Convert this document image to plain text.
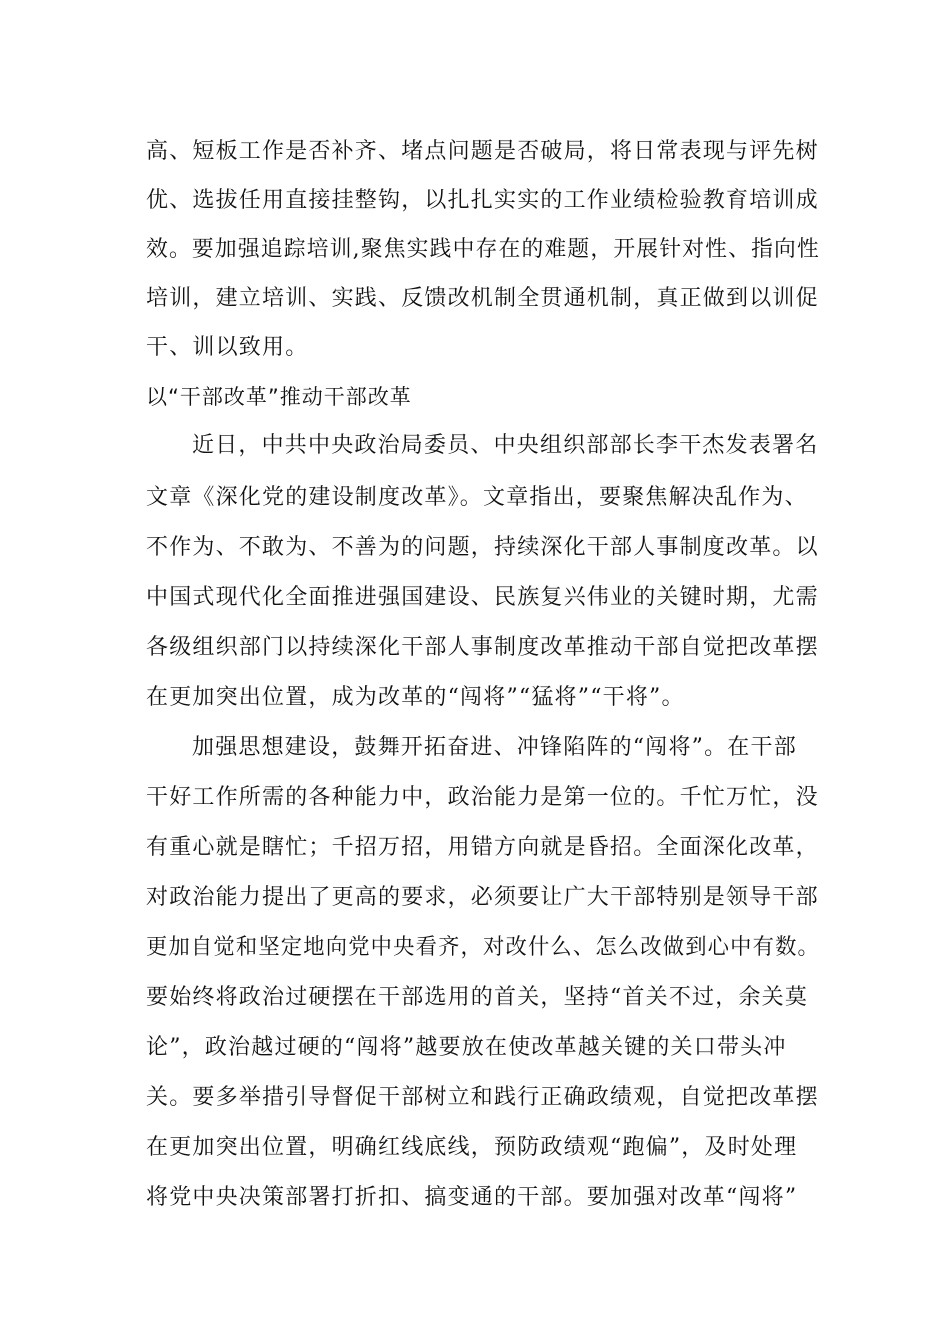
高、短板工作是否补齐、堵点问题是否破局，将日常表现与评先树
优、选拔任用直接挂整钩，以扎扎实实的工作业绩检验教育培训成
效。要加强追踪培训,聚焦实践中存在的难题，开展针对性、指向性
培训，建立培训、实践、反馈改机制全贯通机制，真正做到以训促
干、训以致用。
以“干部改革”推动干部改革
近日，中共中央政治局委员、中央组织部部长李干杰发表署名
文章《深化党的建设制度改革》。文章指出，要聚焦解决乱作为、
不作为、不敢为、不善为的问题，持续深化干部人事制度改革。以
中国式现代化全面推进强国建设、民族复兴伟业的关键时期，尤需
各级组织部门以持续深化干部人事制度改革推动干部自觉把改革摆
在更加突出位置，成为改革的“闯将”“猛将”“干将”。
加强思想建设，鼓舞开拓奋进、冲锋陷阵的“闯将”。在干部
干好工作所需的各种能力中，政治能力是第一位的。千忙万忙，没
有重心就是瞎忙；千招万招，用错方向就是昏招。全面深化改革，
对政治能力提出了更高的要求，必须要让广大干部特别是领导干部
更加自觉和坚定地向党中央看齐，对改什么、怎么改做到心中有数。
要始终将政治过硬摆在干部选用的首关，坚持“首关不过，余关莫
论”，政治越过硬的“闯将”越要放在使改革越关键的关口带头冲
关。要多举措引导督促干部树立和践行正确政绩观，自觉把改革摆
在更加突出位置，明确红线底线，预防政绩观“跑偏”，及时处理
将党中央决策部署打折扣、搞变通的干部。要加强对改革“闯将”
